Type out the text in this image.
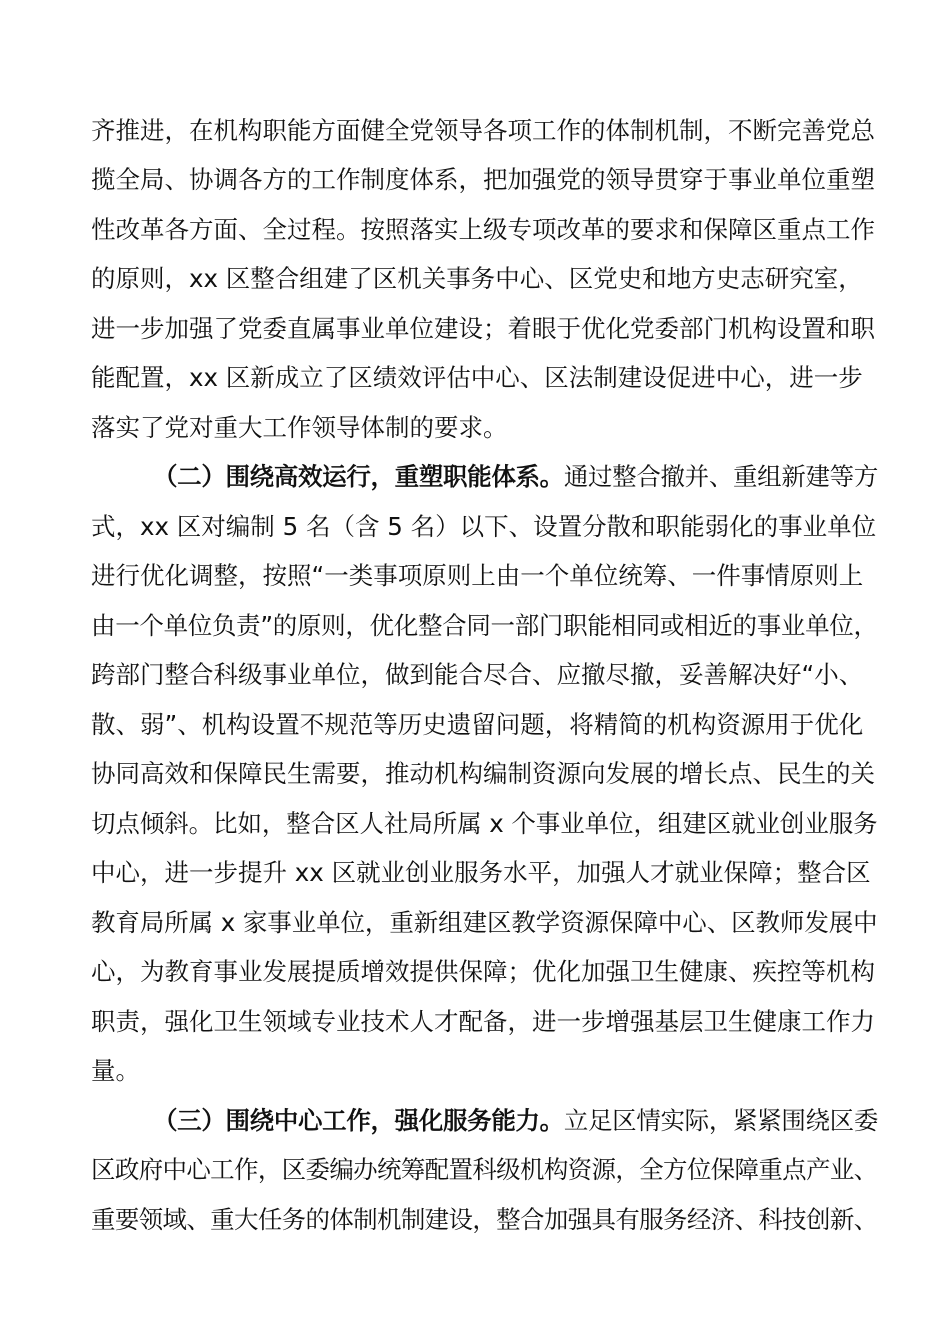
齐推进，在机构职能方面健全党领导各项工作的体制机制，不断完善党总
揽全局、协调各方的工作制度体系，把加强党的领导贯穿于事业单位重塑
性改革各方面、全过程。按照落实上级专项改革的要求和保障区重点工作
的原则，xx 区整合组建了区机关事务中心、区党史和地方史志研究室，
进一步加强了党委直属事业单位建设；着眼于优化党委部门机构设置和职
能配置，xx 区新成立了区绩效评估中心、区法制建设促进中心，进一步
落实了党对重大工作领导体制的要求。
（二）围绕高效运行，重塑职能体系。通过整合撤并、重组新建等方
式，xx 区对编制 5 名（含 5 名）以下、设置分散和职能弱化的事业单位
进行优化调整，按照“一类事项原则上由一个单位统筹、一件事情原则上
由一个单位负责”的原则，优化整合同一部门职能相同或相近的事业单位，
跨部门整合科级事业单位，做到能合尽合、应撤尽撤，妥善解决好“小、
散、弱”、机构设置不规范等历史遗留问题，将精简的机构资源用于优化
协同高效和保障民生需要，推动机构编制资源向发展的增长点、民生的关
切点倾斜。比如，整合区人社局所属 x 个事业单位，组建区就业创业服务
中心，进一步提升 xx 区就业创业服务水平，加强人才就业保障；整合区
教育局所属 x 家事业单位，重新组建区教学资源保障中心、区教师发展中
心，为教育事业发展提质增效提供保障；优化加强卫生健康、疾控等机构
职责，强化卫生领域专业技术人才配备，进一步增强基层卫生健康工作力
量。
（三）围绕中心工作，强化服务能力。立足区情实际，紧紧围绕区委
区政府中心工作，区委编办统筹配置科级机构资源，全方位保障重点产业、
重要领域、重大任务的体制机制建设，整合加强具有服务经济、科技创新、
